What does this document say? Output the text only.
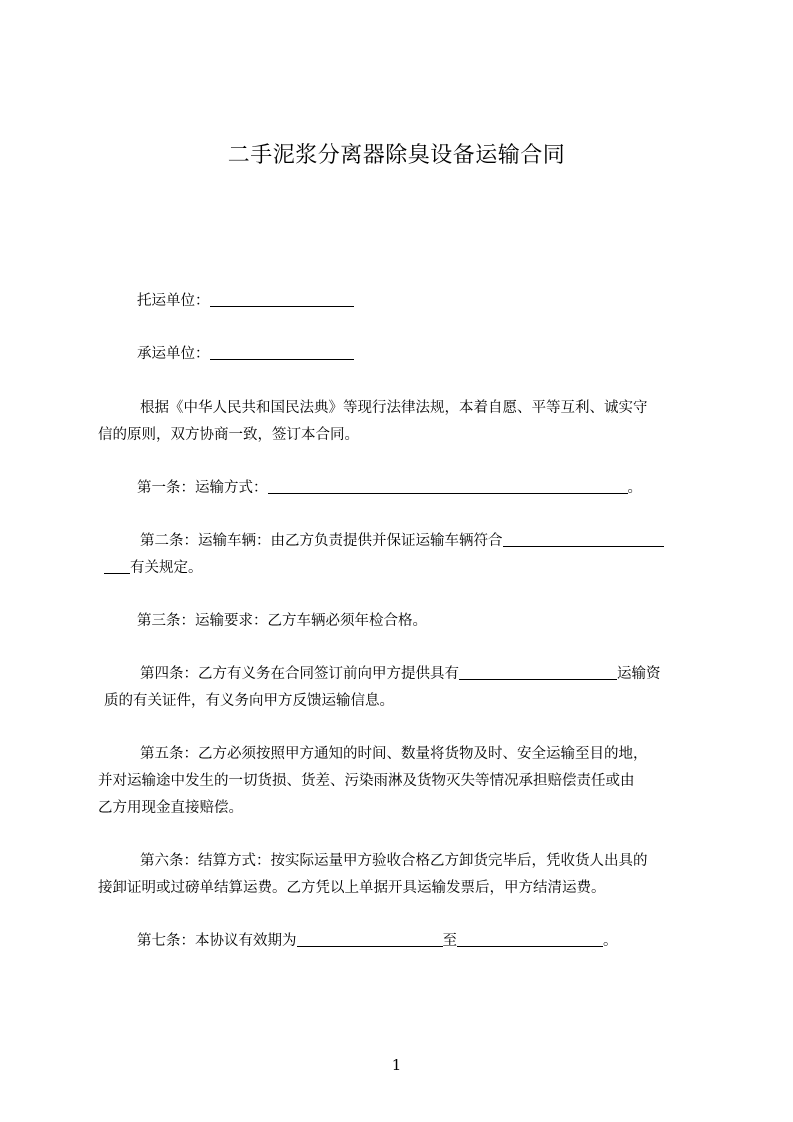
二手泥浆分离器除臭设备运输合同
托运单位：
承运单位：
根据《中华人民共和国民法典》等现行法律法规，本着自愿、平等互利、诚实守
信的原则，双方协商一致，签订本合同。
第一条：运输方式：	。
第二条：运输车辆：由乙方负责提供并保证运输车辆符合
有关规定。
第三条：运输要求：乙方车辆必须年检合格。
第四条：乙方有义务在合同签订前向甲方提供具有	运输资
质的有关证件，有义务向甲方反馈运输信息。
第五条：乙方必须按照甲方通知的时间、数量将货物及时、安全运输至目的地，
并对运输途中发生的一切货损、货差、污染雨淋及货物灭失等情况承担赔偿责任或由
乙方用现金直接赔偿。
第六条：结算方式：按实际运量甲方验收合格乙方卸货完毕后，凭收货人出具的
接卸证明或过磅单结算运费。乙方凭以上单据开具运输发票后，甲方结清运费。
第七条：本协议有效期为	至	。
1
